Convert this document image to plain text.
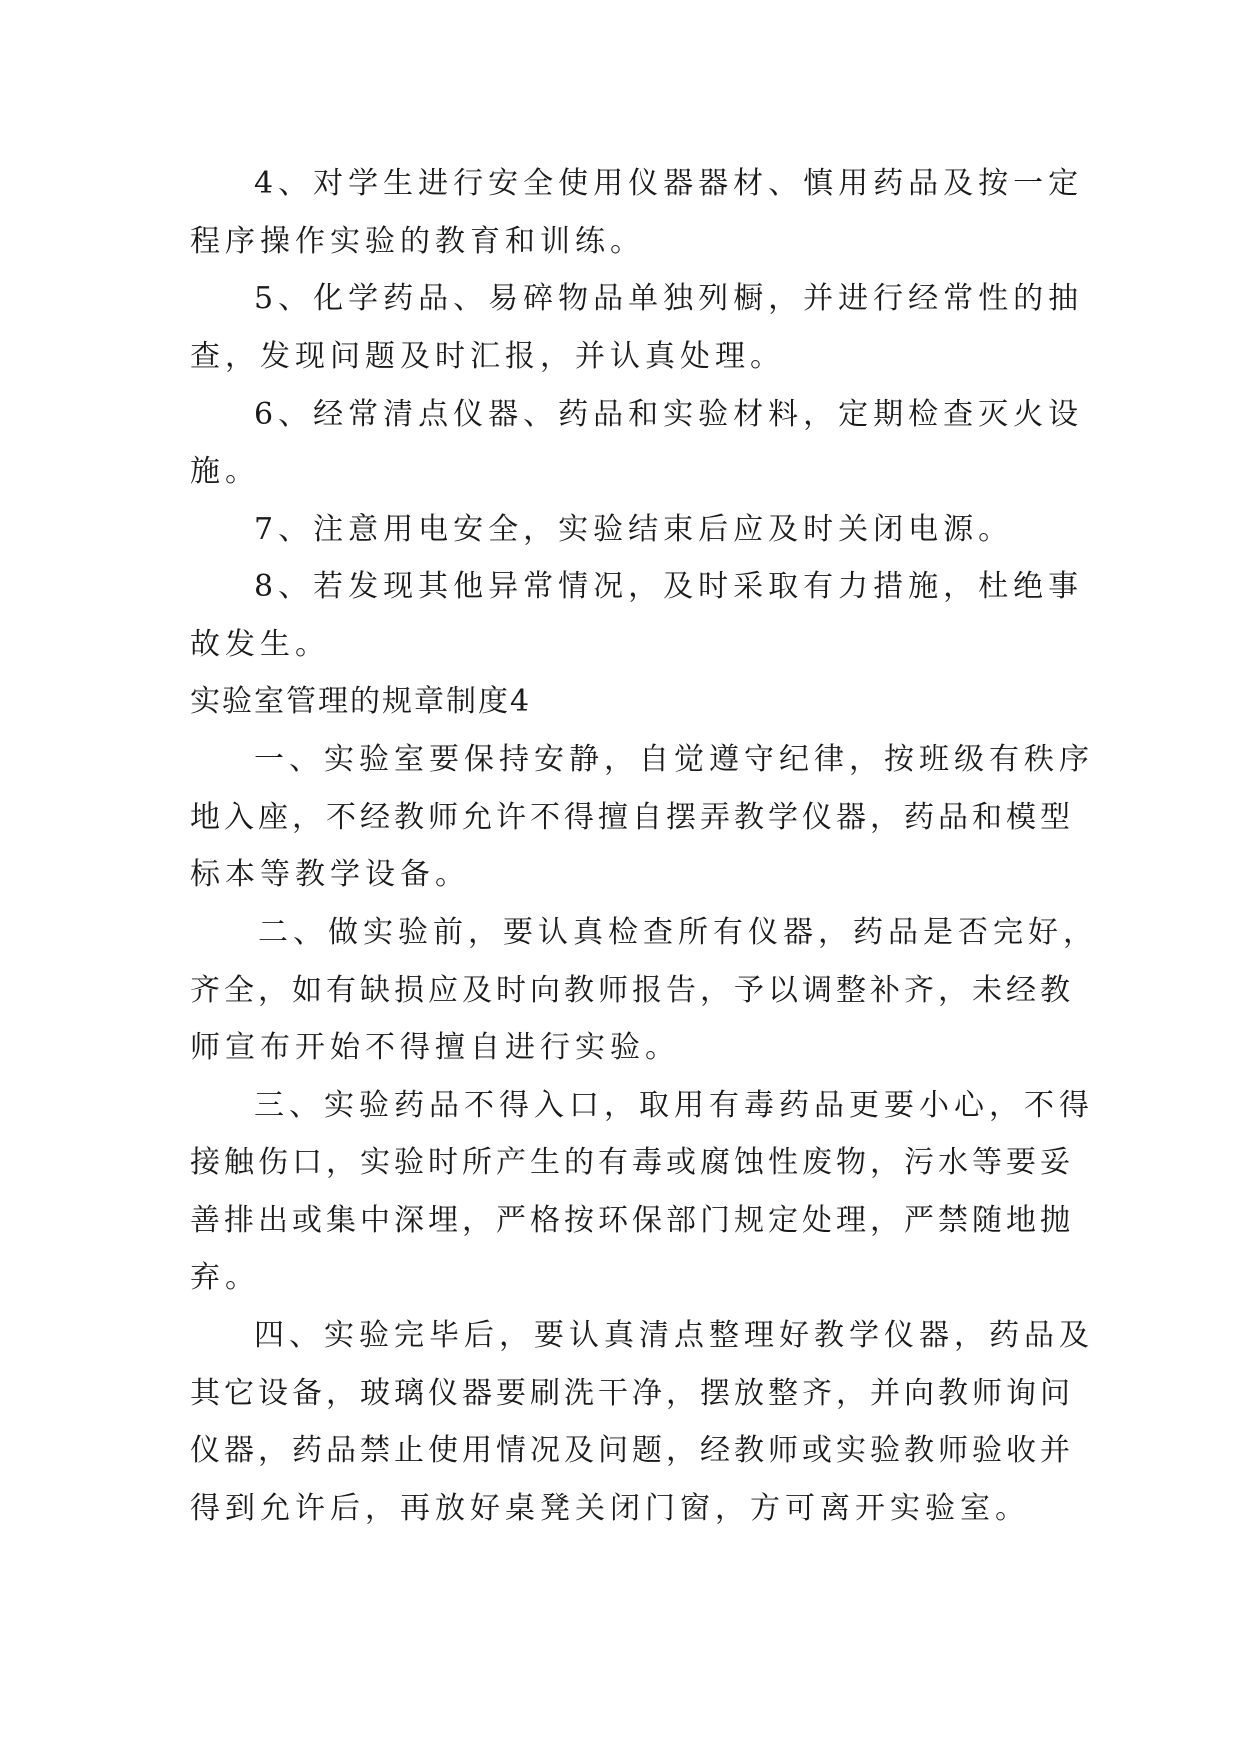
4、对学生进行安全使用仪器器材、慎用药品及按一定
程序操作实验的教育和训练。
5、化学药品、易碎物品单独列橱，并进行经常性的抽
查，发现问题及时汇报，并认真处理。
6、经常清点仪器、药品和实验材料，定期检查灭火设
施。
7、注意用电安全，实验结束后应及时关闭电源。
8、若发现其他异常情况，及时采取有力措施，杜绝事
故发生。
实验室管理的规章制度4
一、实验室要保持安静，自觉遵守纪律，按班级有秩序
地入座，不经教师允许不得擅自摆弄教学仪器，药品和模型
标本等教学设备。
二、做实验前，要认真检查所有仪器，药品是否完好，
齐全，如有缺损应及时向教师报告，予以调整补齐，未经教
师宣布开始不得擅自进行实验。
三、实验药品不得入口，取用有毒药品更要小心，不得
接触伤口，实验时所产生的有毒或腐蚀性废物，污水等要妥
善排出或集中深埋，严格按环保部门规定处理，严禁随地抛
弃。
四、实验完毕后，要认真清点整理好教学仪器，药品及
其它设备，玻璃仪器要刷洗干净，摆放整齐，并向教师询问
仪器，药品禁止使用情况及问题，经教师或实验教师验收并
得到允许后，再放好桌凳关闭门窗，方可离开实验室。
